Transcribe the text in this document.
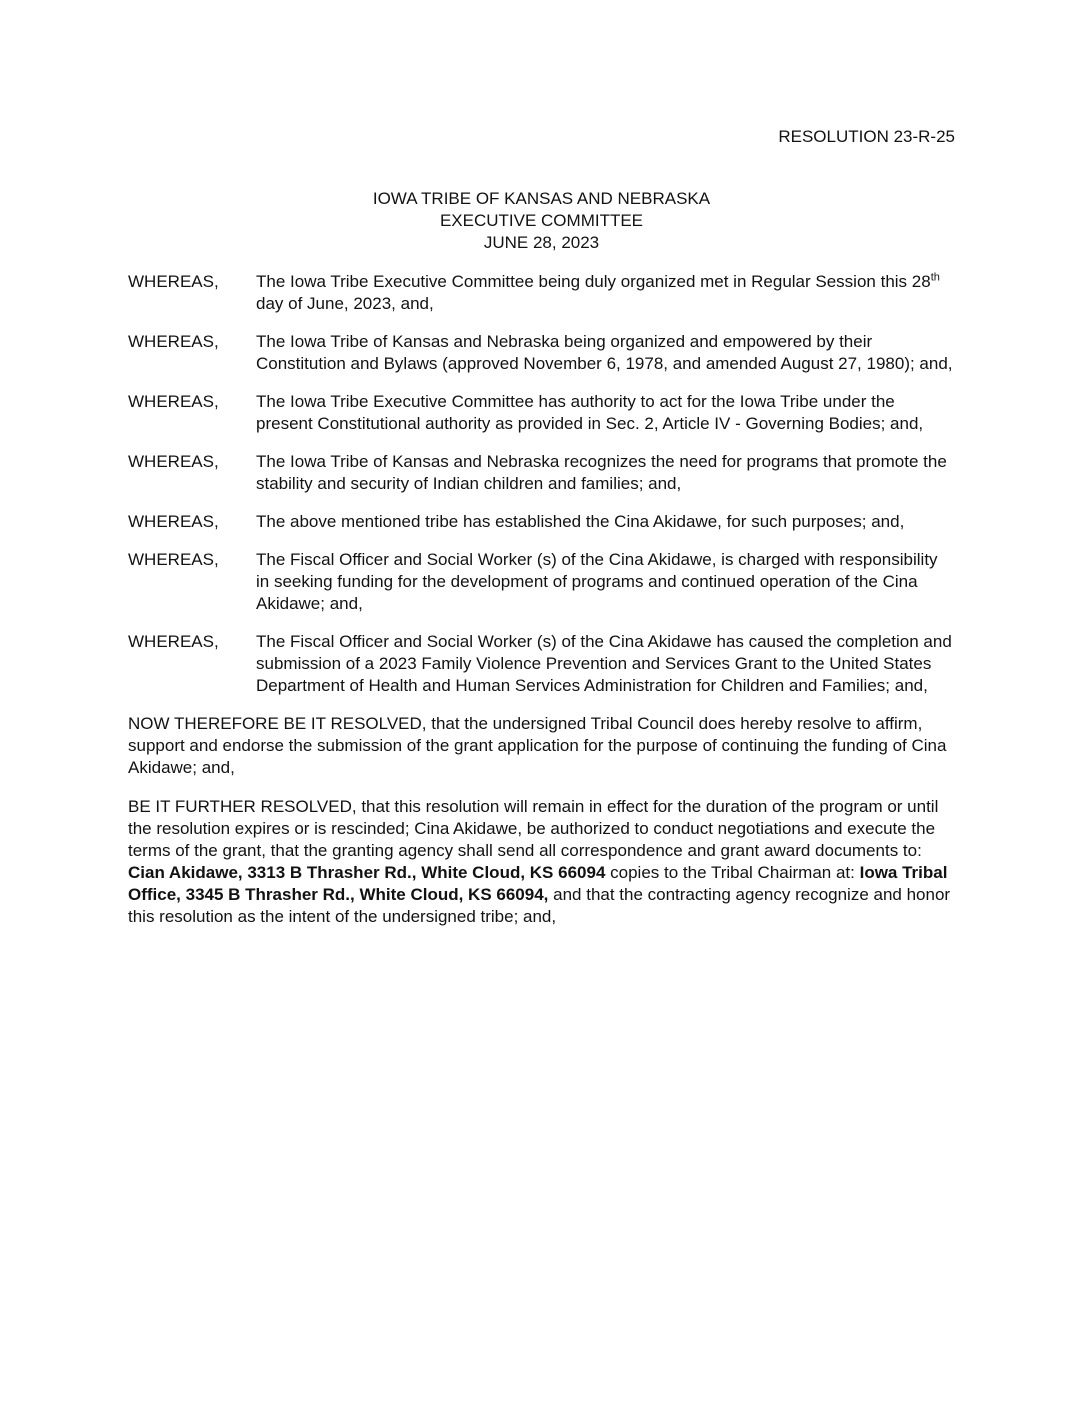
RESOLUTION 23-R-25
IOWA TRIBE OF KANSAS AND NEBRASKA
EXECUTIVE COMMITTEE
JUNE 28, 2023
WHEREAS,	The Iowa Tribe Executive Committee being duly organized met in Regular Session this 28th day of June, 2023, and,
WHEREAS,	The Iowa Tribe of Kansas and Nebraska being organized and empowered by their Constitution and Bylaws (approved November 6, 1978, and amended August 27, 1980); and,
WHEREAS,	The Iowa Tribe Executive Committee has authority to act for the Iowa Tribe under the present Constitutional authority as provided in Sec. 2, Article IV - Governing Bodies; and,
WHEREAS,	The Iowa Tribe of Kansas and Nebraska recognizes the need for programs that promote the stability and security of Indian children and families; and,
WHEREAS,	The above mentioned tribe has established the Cina Akidawe, for such purposes; and,
WHEREAS,	The Fiscal Officer and Social Worker (s) of the Cina Akidawe, is charged with responsibility in seeking funding for the development of programs and continued operation of the Cina Akidawe; and,
WHEREAS,	The Fiscal Officer and Social Worker (s) of the Cina Akidawe has caused the completion and submission of a 2023 Family Violence Prevention and Services Grant to the United States Department of Health and Human Services Administration for Children and Families; and,

NOW THEREFORE BE IT RESOLVED, that the undersigned Tribal Council does hereby resolve to affirm, support and endorse the submission of the grant application for the purpose of continuing the funding of Cina Akidawe; and,

BE IT FURTHER RESOLVED, that this resolution will remain in effect for the duration of the program or until the resolution expires or is rescinded; Cina Akidawe, be authorized to conduct negotiations and execute the terms of the grant, that the granting agency shall send all correspondence and grant award documents to: Cian Akidawe, 3313 B Thrasher Rd., White Cloud, KS 66094 copies to the Tribal Chairman at: Iowa Tribal Office, 3345 B Thrasher Rd., White Cloud, KS 66094, and that the contracting agency recognize and honor this resolution as the intent of the undersigned tribe; and,
